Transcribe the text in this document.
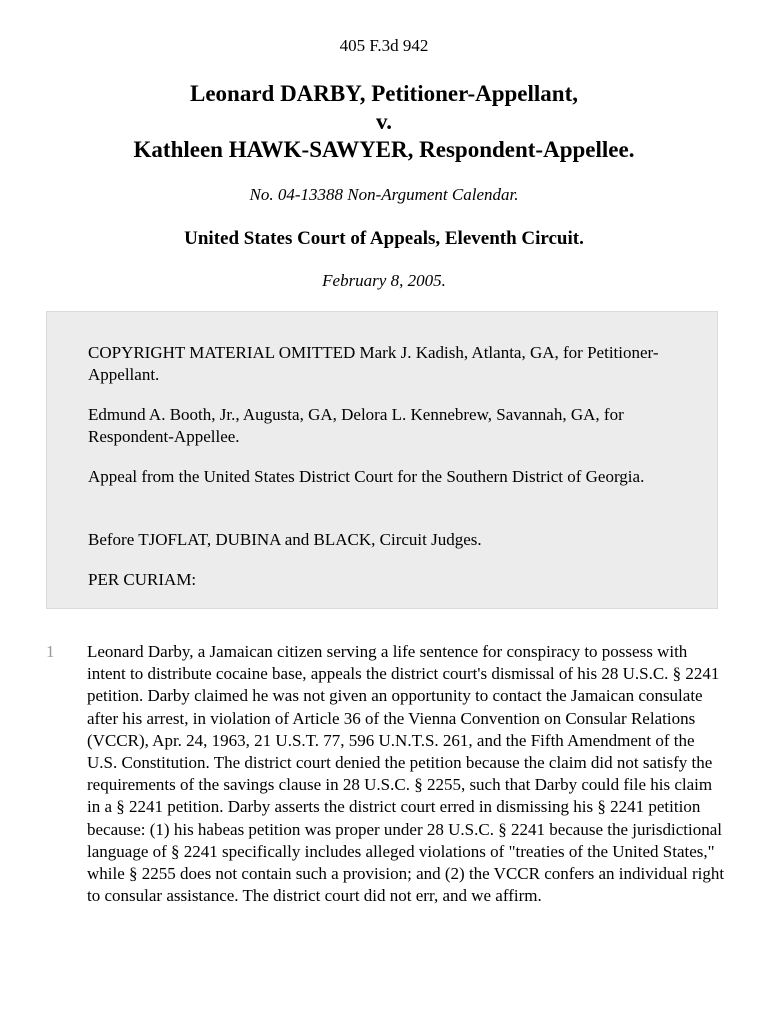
405 F.3d 942
Leonard DARBY, Petitioner-Appellant,
v.
Kathleen HAWK-SAWYER, Respondent-Appellee.
No. 04-13388 Non-Argument Calendar.
United States Court of Appeals, Eleventh Circuit.
February 8, 2005.

COPYRIGHT MATERIAL OMITTED Mark J. Kadish, Atlanta, GA, for Petitioner-Appellant.

Edmund A. Booth, Jr., Augusta, GA, Delora L. Kennebrew, Savannah, GA, for Respondent-Appellee.

Appeal from the United States District Court for the Southern District of Georgia.

Before TJOFLAT, DUBINA and BLACK, Circuit Judges.

PER CURIAM:

1 Leonard Darby, a Jamaican citizen serving a life sentence for conspiracy to possess with intent to distribute cocaine base, appeals the district court's dismissal of his 28 U.S.C. § 2241 petition. Darby claimed he was not given an opportunity to contact the Jamaican consulate after his arrest, in violation of Article 36 of the Vienna Convention on Consular Relations (VCCR), Apr. 24, 1963, 21 U.S.T. 77, 596 U.N.T.S. 261, and the Fifth Amendment of the U.S. Constitution. The district court denied the petition because the claim did not satisfy the requirements of the savings clause in 28 U.S.C. § 2255, such that Darby could file his claim in a § 2241 petition. Darby asserts the district court erred in dismissing his § 2241 petition because: (1) his habeas petition was proper under 28 U.S.C. § 2241 because the jurisdictional language of § 2241 specifically includes alleged violations of "treaties of the United States," while § 2255 does not contain such a provision; and (2) the VCCR confers an individual right to consular assistance. The district court did not err, and we affirm.
